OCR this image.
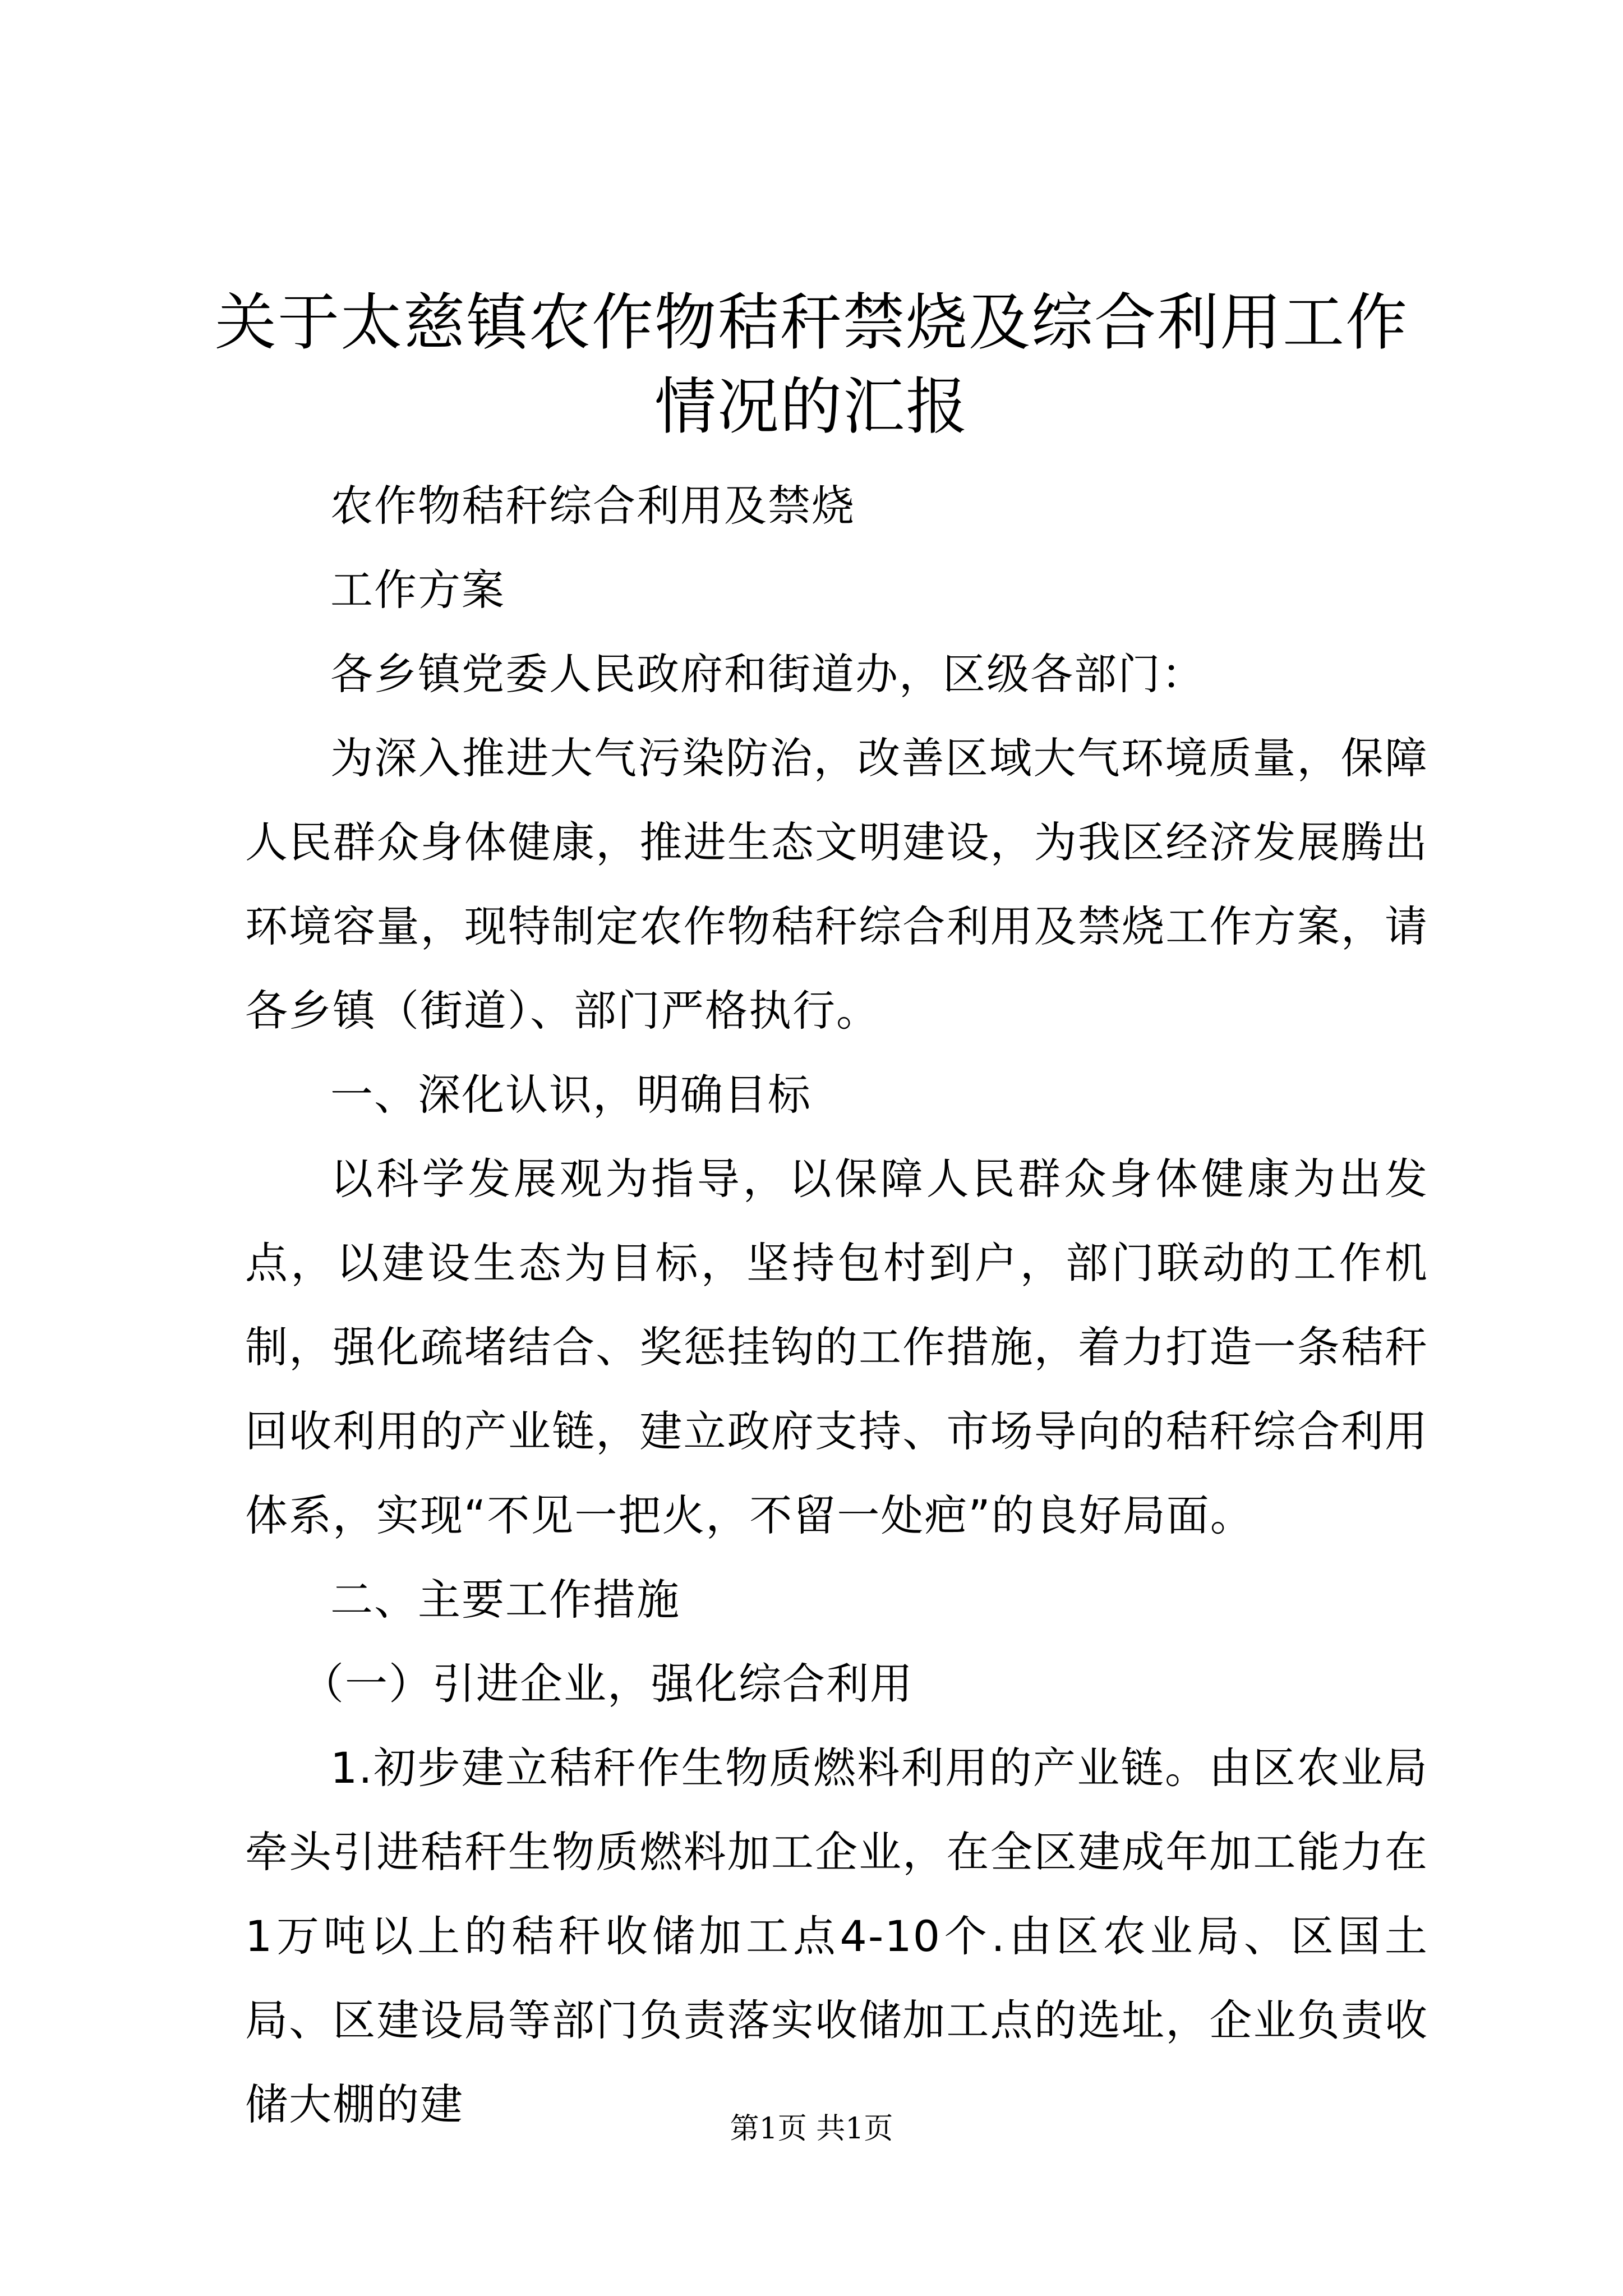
关于太慈镇农作物秸秆禁烧及综合利用工作情况的汇报

农作物秸秆综合利用及禁烧

工作方案

各乡镇党委人民政府和街道办，区级各部门：

为深入推进大气污染防治，改善区域大气环境质量，保障人民群众身体健康，推进生态文明建设，为我区经济发展腾出环境容量，现特制定农作物秸秆综合利用及禁烧工作方案，请各乡镇（街道）、部门严格执行。

一、深化认识，明确目标

以科学发展观为指导，以保障人民群众身体健康为出发点，以建设生态为目标，坚持包村到户，部门联动的工作机制，强化疏堵结合、奖惩挂钩的工作措施，着力打造一条秸秆回收利用的产业链，建立政府支持、市场导向的秸秆综合利用体系，实现“不见一把火，不留一处疤”的良好局面。

二、主要工作措施

（一）引进企业，强化综合利用

1.初步建立秸秆作生物质燃料利用的产业链。由区农业局牵头引进秸秆生物质燃料加工企业，在全区建成年加工能力在1万吨以上的秸秆收储加工点4-10个.由区农业局、区国土局、区建设局等部门负责落实收储加工点的选址，企业负责收储大棚的建	第1页 共1页
